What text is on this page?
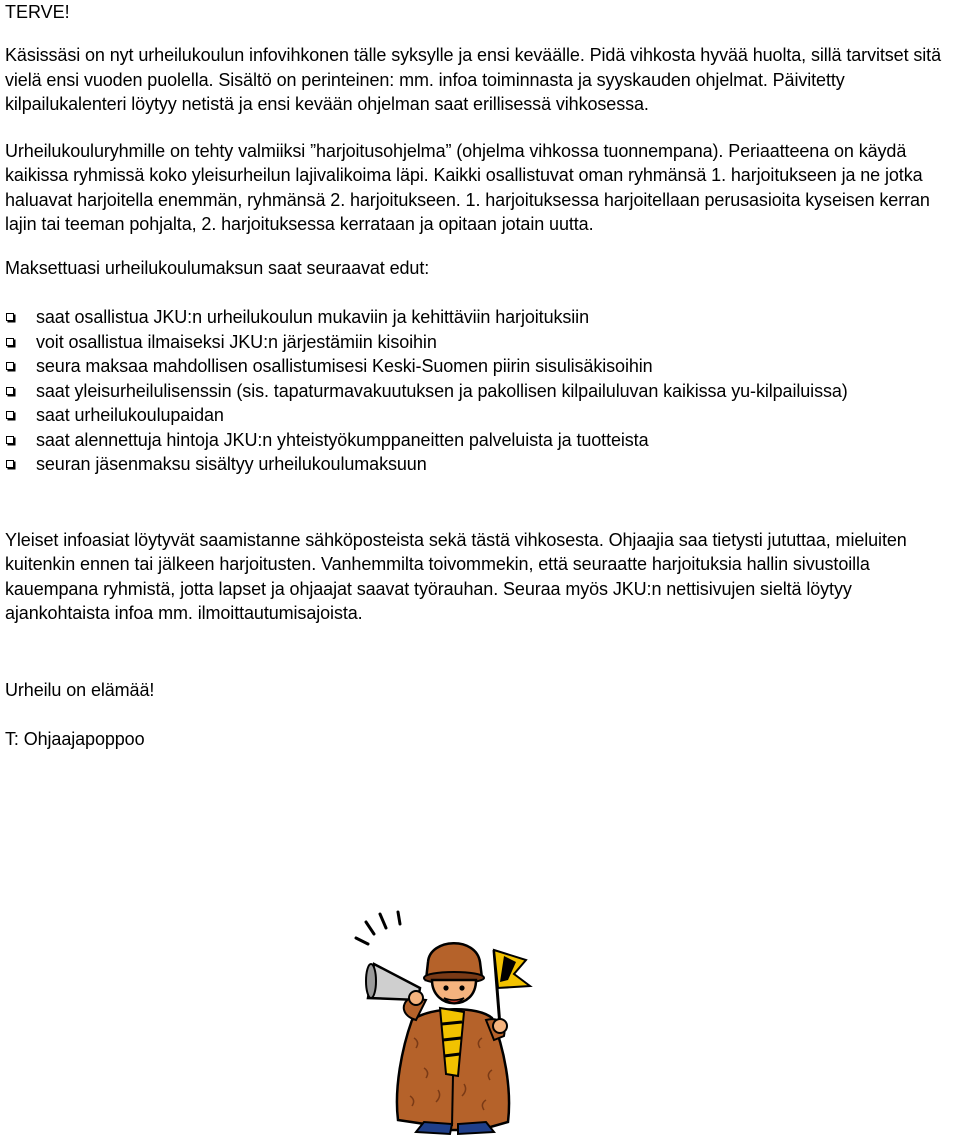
TERVE!

Käsissäsi on nyt urheilukoulun infovihkonen tälle syksylle ja ensi keväälle. Pidä vihkosta hyvää huolta, sillä tarvitset sitä vielä ensi vuoden puolella. Sisältö on perinteinen: mm. infoa toiminnasta ja syyskauden ohjelmat. Päivitetty kilpailukalenteri löytyy netistä ja ensi kevään ohjelman saat erillisessä vihkosessa.

Urheilukouluryhmille on tehty valmiiksi ”harjoitusohjelma” (ohjelma vihkossa tuonnempana). Periaatteena on käydä kaikissa ryhmissä koko yleisurheilun lajivalikoima läpi. Kaikki osallistuvat oman ryhmänsä 1. harjoitukseen ja ne jotka haluavat harjoitella enemmän, ryhmänsä 2. harjoitukseen. 1. harjoituksessa harjoitellaan perusasioita kyseisen kerran lajin tai teeman pohjalta, 2. harjoituksessa kerrataan ja opitaan jotain uutta.

Maksettuasi urheilukoulumaksun saat seuraavat edut:

saat osallistua JKU:n urheilukoulun mukaviin ja kehittäviin harjoituksiin
voit osallistua ilmaiseksi JKU:n järjestämiin kisoihin
seura maksaa mahdollisen osallistumisesi Keski-Suomen piirin sisulisäkisoihin
saat yleisurheilulisenssin (sis. tapaturmavakuutuksen ja pakollisen kilpailuluvan kaikissa yu-kilpailuissa)
saat urheilukoulupaidan
saat alennettuja hintoja JKU:n yhteistyökumppaneitten palveluista ja tuotteista
seuran jäsenmaksu sisältyy urheilukoulumaksuun

Yleiset infoasiat löytyvät saamistanne sähköposteista sekä tästä vihkosesta. Ohjaajia saa tietysti jututtaa, mieluiten kuitenkin ennen tai jälkeen harjoitusten. Vanhemmilta toivommekin, että seuraatte harjoituksia hallin sivustoilla kauempana ryhmistä, jotta lapset ja ohjaajat saavat työrauhan. Seuraa myös JKU:n nettisivujen sieltä löytyy ajankohtaista infoa mm. ilmoittautumisajoista.

Urheilu on elämää!

T: Ohjaajapoppoo
